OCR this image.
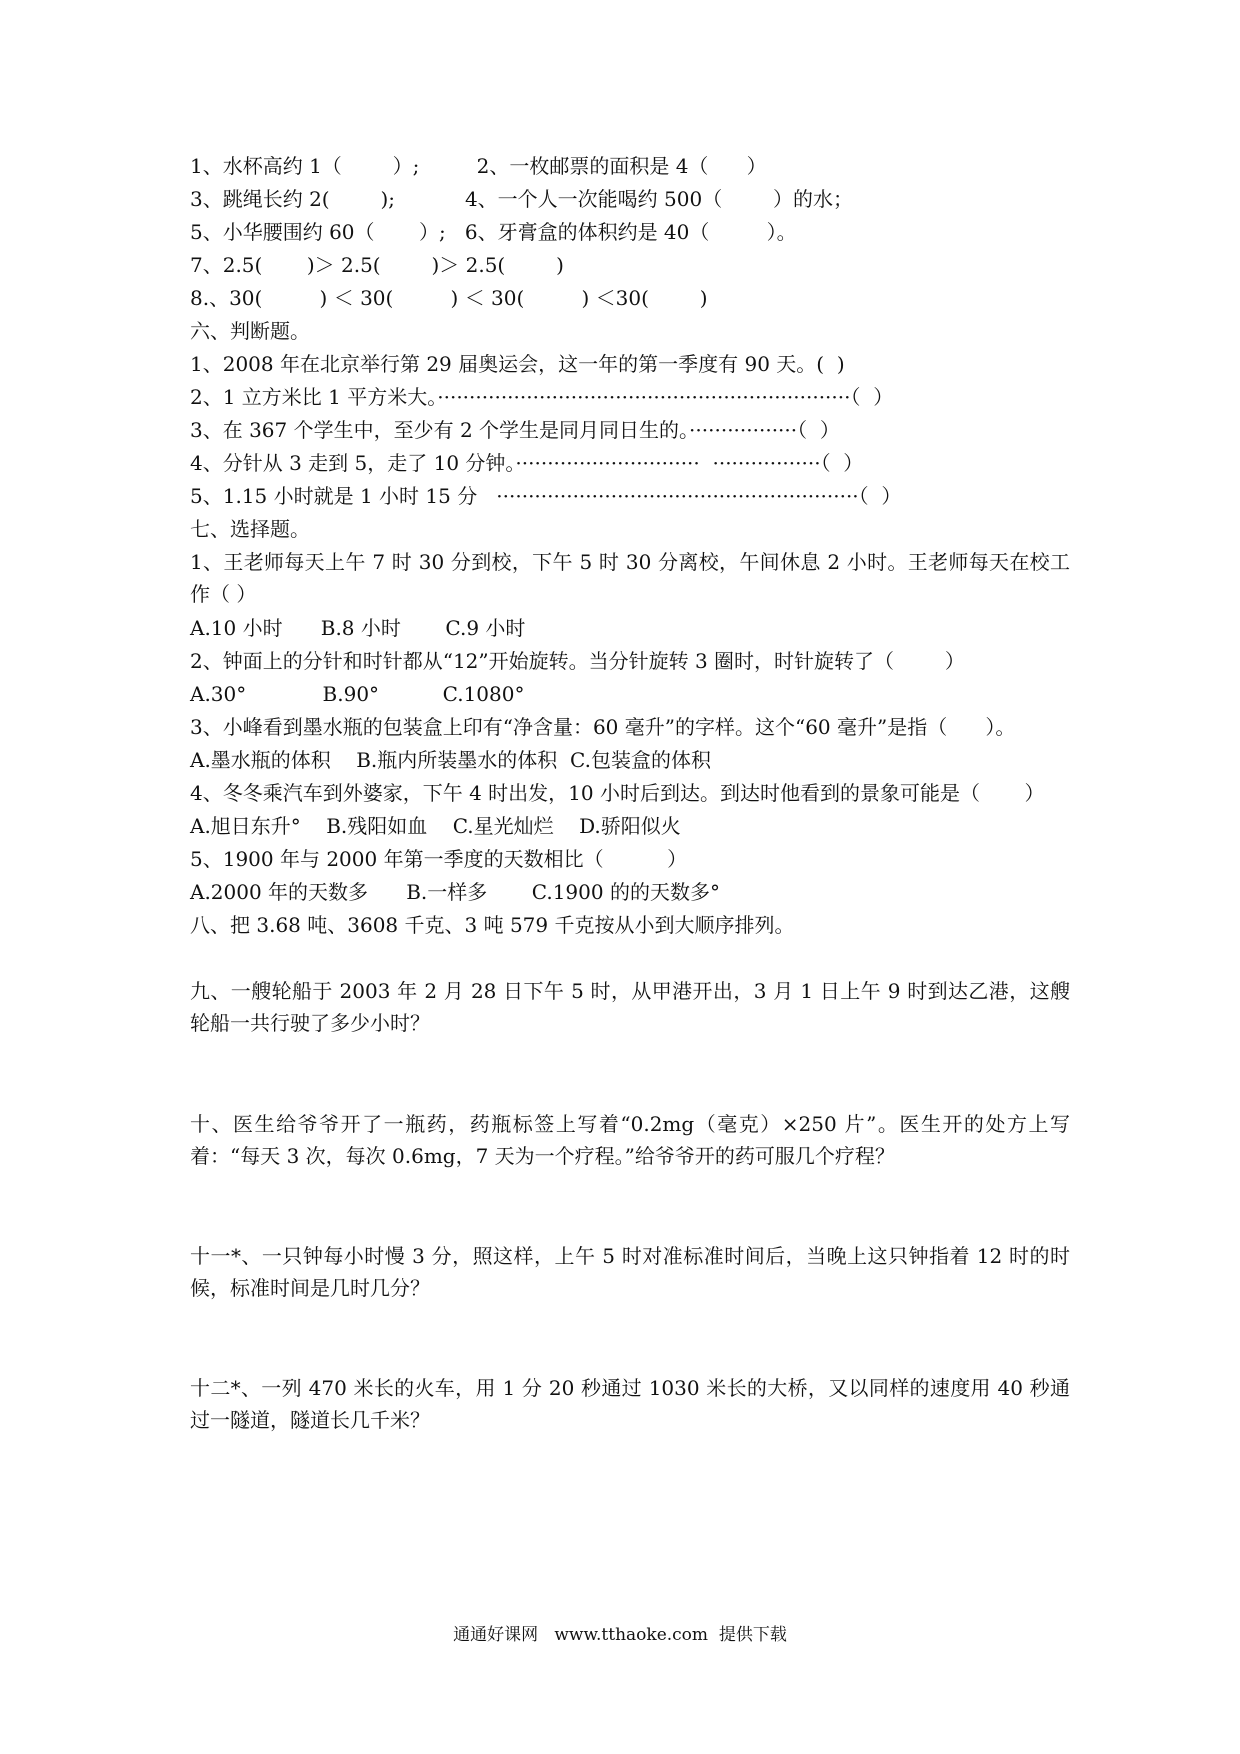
1、水杯高约 1（        ）;         2、一枚邮票的面积是 4（      ）
3、跳绳长约 2(        );           4、一个人一次能喝约 500（        ）的水；
5、小华腰围约 60（       ）;   6、牙膏盒的体积约是 40（         ）。
7、2.5(       )＞ 2.5(        )＞ 2.5(        )
8.、30(         ) ＜ 30(         ) ＜ 30(         ) ＜30(        )
六、判断题。
1、2008 年在北京举行第 29 届奥运会，这一年的第一季度有 90 天。(  )
2、1 立方米比 1 平方米大。·································································（  ）
3、在 367 个学生中，至少有 2 个学生是同月同日生的。·················（  ）
4、分针从 3 走到 5，走了 10 分钟。·····························  ·················（  ）
5、1.15 小时就是 1 小时 15 分   ·························································（  ）
七、选择题。
1、王老师每天上午 7 时 30 分到校，下午 5 时 30 分离校，午间休息 2 小时。王老师每天在校工作（ ）
A.10 小时      B.8 小时       C.9 小时
2、钟面上的分针和时针都从“12”开始旋转。当分针旋转 3 圈时，时针旋转了（        ）
A.30°            B.90°          C.1080°
3、小峰看到墨水瓶的包装盒上印有“净含量：60 毫升”的字样。这个“60 毫升”是指（      ）。
A.墨水瓶的体积    B.瓶内所装墨水的体积  C.包装盒的体积
4、冬冬乘汽车到外婆家，下午 4 时出发，10 小时后到达。到达时他看到的景象可能是（       ）
A.旭日东升°    B.残阳如血    C.星光灿烂    D.骄阳似火
5、1900 年与 2000 年第一季度的天数相比（          ）
A.2000 年的天数多      B.一样多       C.1900 的的天数多°
八、把 3.68 吨、3608 千克、3 吨 579 千克按从小到大顺序排列。
九、一艘轮船于 2003 年 2 月 28 日下午 5 时，从甲港开出，3 月 1 日上午 9 时到达乙港，这艘轮船一共行驶了多少小时？
十、医生给爷爷开了一瓶药，药瓶标签上写着“0.2mg（毫克）×250 片”。医生开的处方上写着：“每天 3 次，每次 0.6mg，7 天为一个疗程。”给爷爷开的药可服几个疗程？
十一*、一只钟每小时慢 3 分，照这样，上午 5 时对准标准时间后，当晚上这只钟指着 12 时的时候，标准时间是几时几分？
十二*、一列 470 米长的火车，用 1 分 20 秒通过 1030 米长的大桥，又以同样的速度用 40 秒通过一隧道，隧道长几千米？
通通好课网   www.tthaoke.com  提供下载
